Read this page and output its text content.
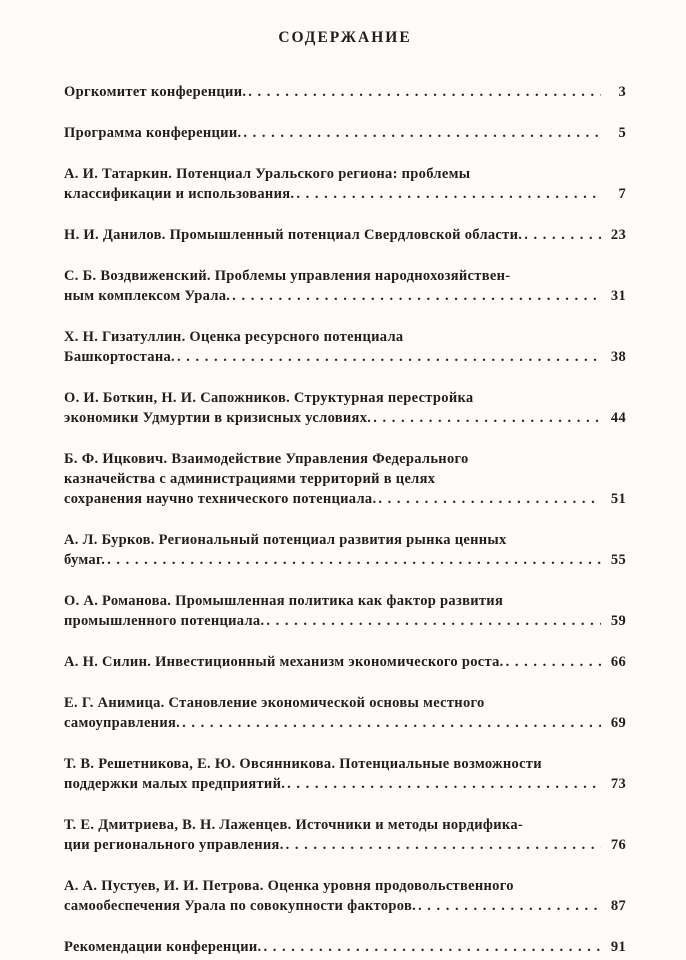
СОДЕРЖАНИЕ
Оргкомитет конференции. . . .	3
Программа конференции. . . .	5
А. И. Татаркин. Потенциал Уральского региона: проблемы
классификации и использования. . . .	7
Н. И. Данилов. Промышленный потенциал Свердловской области. . . .	23
С. Б. Воздвиженский. Проблемы управления народнохозяйствен-
ным комплексом Урала. . . .	31
Х. Н. Гизатуллин. Оценка ресурсного потенциала
Башкортостана. . . .	38
О. И. Боткин, Н. И. Сапожников. Структурная перестройка
экономики Удмуртии в кризисных условиях. . . .	44
Б. Ф. Ицкович. Взаимодействие Управления Федерального
казначейства с администрациями территорий в целях
сохранения научно технического потенциала. . . .	51
А. Л. Бурков. Региональный потенциал развития рынка ценных
бумаг. . . .	55
О. А. Романова. Промышленная политика как фактор развития
промышленного потенциала. . . .	59
А. Н. Силин. Инвестиционный механизм экономического роста. . . .	66
Е. Г. Анимица. Становление экономической основы местного
самоуправления. . . .	69
Т. В. Решетникова, Е. Ю. Овсянникова. Потенциальные возможности
поддержки малых предприятий. . . .	73
Т. Е. Дмитриева, В. Н. Лаженцев. Источники и методы нордифика-
ции регионального управления. . . .	76
А. А. Пустуев, И. И. Петрова. Оценка уровня продовольственного
самообеспечения Урала по совокупности факторов. . . .	87
Рекомендации конференции. . . .	91
